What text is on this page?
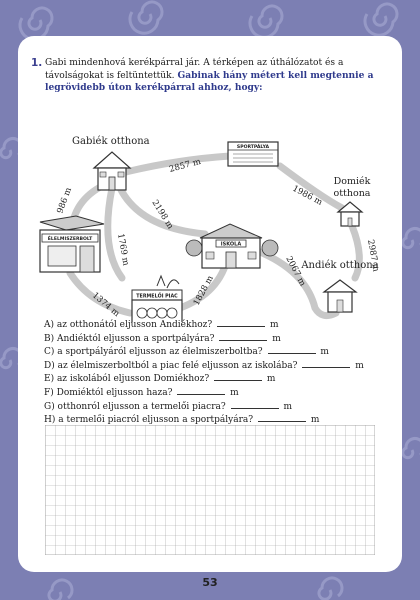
1. Gabi mindenhová kerékpárral jár. A térképen az úthálózatot és a távolságokat is feltüntettük. Gabinak hány métert kell megtennie a legrövidebb úton kerékpárral ahhoz, hogy:
Gabiék otthona
SPORTPÁLYA
Domiék
otthona
ÉLELMISZERBOLT
ISKOLA
TERMELŐI PIAC
Andiék otthona
2857 m
1986 m
986 m	2198 m
1769 m	2987 m
2067 m
1374 m	1828 m
A) az otthonától eljusson Andiékhoz?	m
B) Andiéktól eljusson a sportpályára?	m
C) a sportpályáról eljusson az élelmiszerboltba?	m
D) az élelmiszerboltból a piac felé eljusson az iskolába?	m
E) az iskolából eljusson Domiékhoz?	m
F) Domiéktól eljusson haza?	m
G) otthonról eljusson a termelői piacra?	m
H) a termelői piacról eljusson a sportpályára?	m
53
